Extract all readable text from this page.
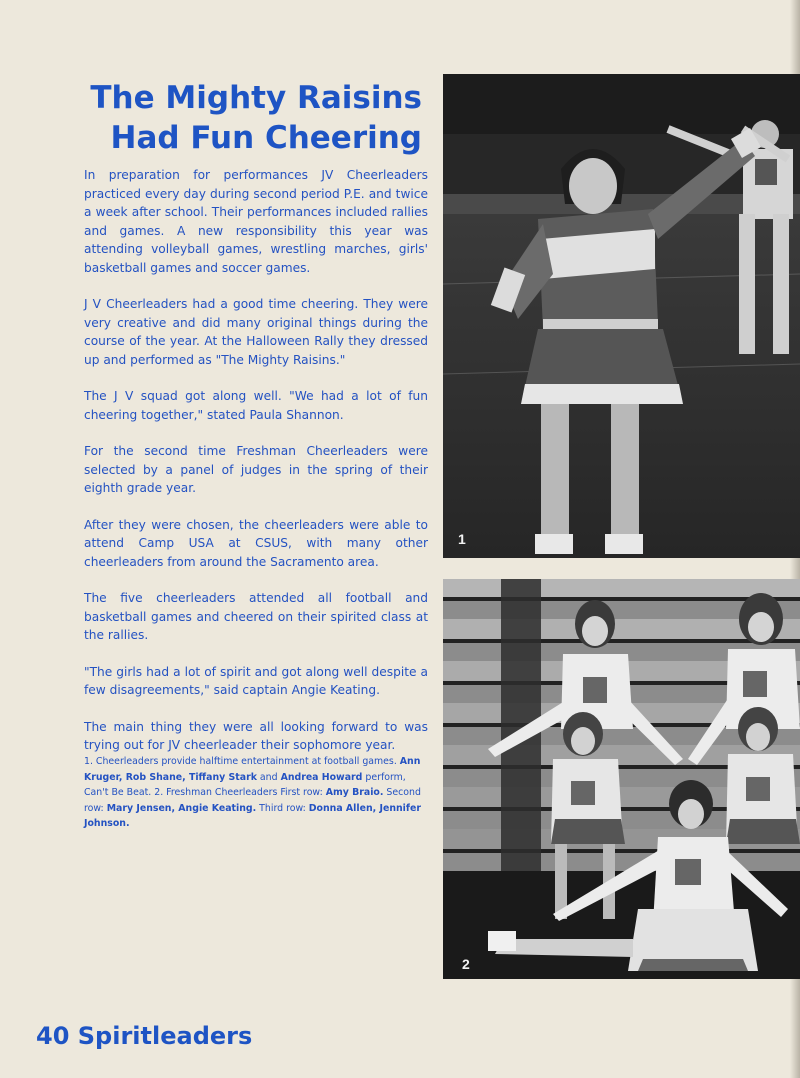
The Mighty Raisins
Had Fun Cheering

In preparation for performances JV Cheerleaders practiced every day during second period P.E. and twice a week after school. Their performances included rallies and games. A new responsibility this year was attending volleyball games, wrestling marches, girls' basketball games and soccer games.

J V Cheerleaders had a good time cheering. They were very creative and did many original things during the course of the year. At the Halloween Rally they dressed up and performed as "The Mighty Raisins."

The J V squad got along well. "We had a lot of fun cheering together," stated Paula Shannon.

For the second time Freshman Cheerleaders were selected by a panel of judges in the spring of their eighth grade year.

After they were chosen, the cheerleaders were able to attend Camp USA at CSUS, with many other cheerleaders from around the Sacramento area.

The five cheerleaders attended all football and basketball games and cheered on their spirited class at the rallies.

"The girls had a lot of spirit and got along well despite a few disagreements," said captain Angie Keating.

The main thing they were all looking forward to was trying out for JV cheerleader their sophomore year.

1. Cheerleaders provide halftime entertainment at football games. Ann Kruger, Rob Shane, Tiffany Stark and Andrea Howard perform, Can't Be Beat. 2. Freshman Cheerleaders First row: Amy Braio. Second row: Mary Jensen, Angie Keating. Third row: Donna Allen, Jennifer Johnson.
1
2
40 Spiritleaders
